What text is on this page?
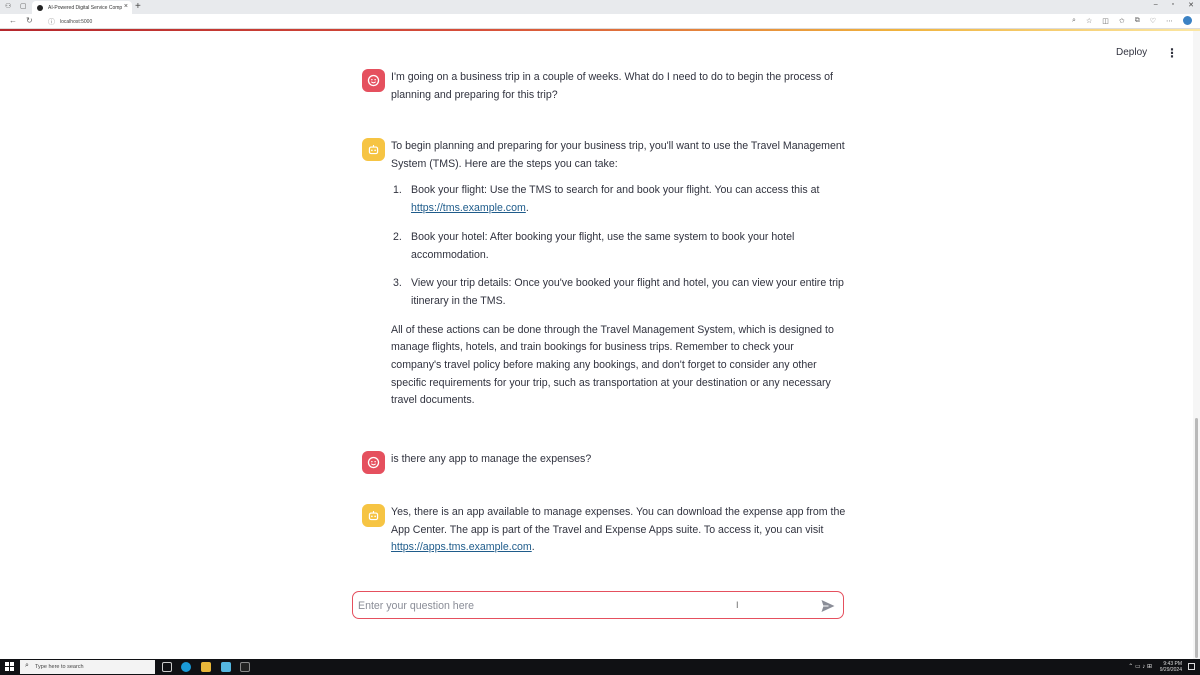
⚇ ▢	AI-Powered Digital Service Comp × +	– ▫ ✕
← ↻ ⓘ localhost:5000	⌕ ☆ ◫ ✩ ⧉ ♡ ⋯
Deploy ⋮

I'm going on a business trip in a couple of weeks. What do I need to do to begin the process of planning and preparing for this trip?

To begin planning and preparing for your business trip, you'll want to use the Travel Management System (TMS). Here are the steps you can take:

1. Book your flight: Use the TMS to search for and book your flight. You can access this at https://tms.example.com.
2. Book your hotel: After booking your flight, use the same system to book your hotel accommodation.
3. View your trip details: Once you've booked your flight and hotel, you can view your entire trip itinerary in the TMS.

All of these actions can be done through the Travel Management System, which is designed to manage flights, hotels, and train bookings for business trips. Remember to check your company's travel policy before making any bookings, and don't forget to consider any other specific requirements for your trip, such as transportation at your destination or any necessary travel documents.

is there any app to manage the expenses?

Yes, there is an app available to manage expenses. You can download the expense app from the App Center. The app is part of the Travel and Expense Apps suite. To access it, you can visit https://apps.tms.example.com.

Enter your question here
I
⌕ Type here to search	⌃ ▭ ♪ ⊞	9:43 PM
9/29/2024
